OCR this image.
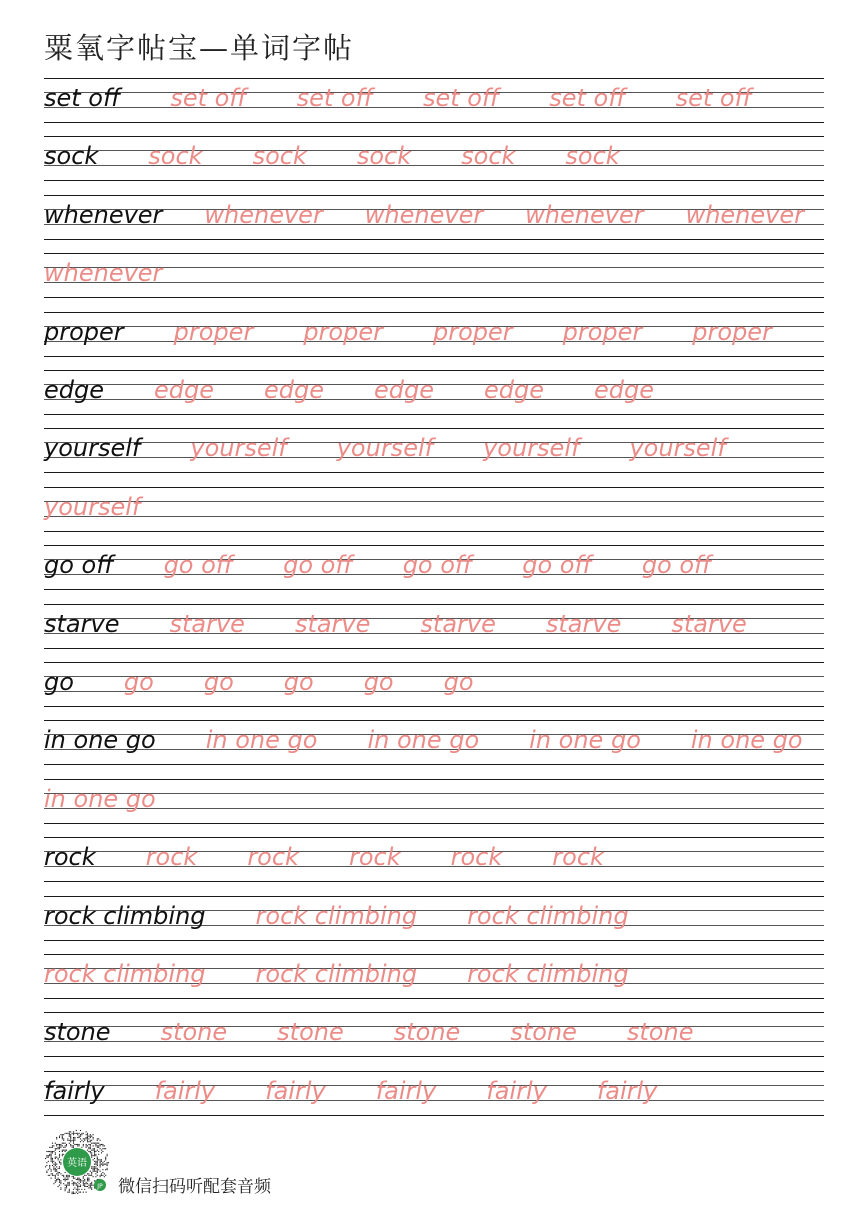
粟氧字帖宝—单词字帖
set off set off set off set off set off set off
sock sock sock sock sock sock
whenever whenever whenever whenever whenever
whenever
proper proper proper proper proper proper
edge edge edge edge edge edge
yourself yourself yourself yourself yourself
yourself
go off go off go off go off go off go off
starve starve starve starve starve starve
go go go go go go
in one go in one go in one go in one go in one go
in one go
rock rock rock rock rock rock
rock climbing rock climbing rock climbing
rock climbing rock climbing rock climbing
stone stone stone stone stone stone
fairly fairly fairly fairly fairly fairly
英语
JP 微信扫码听配套音频
